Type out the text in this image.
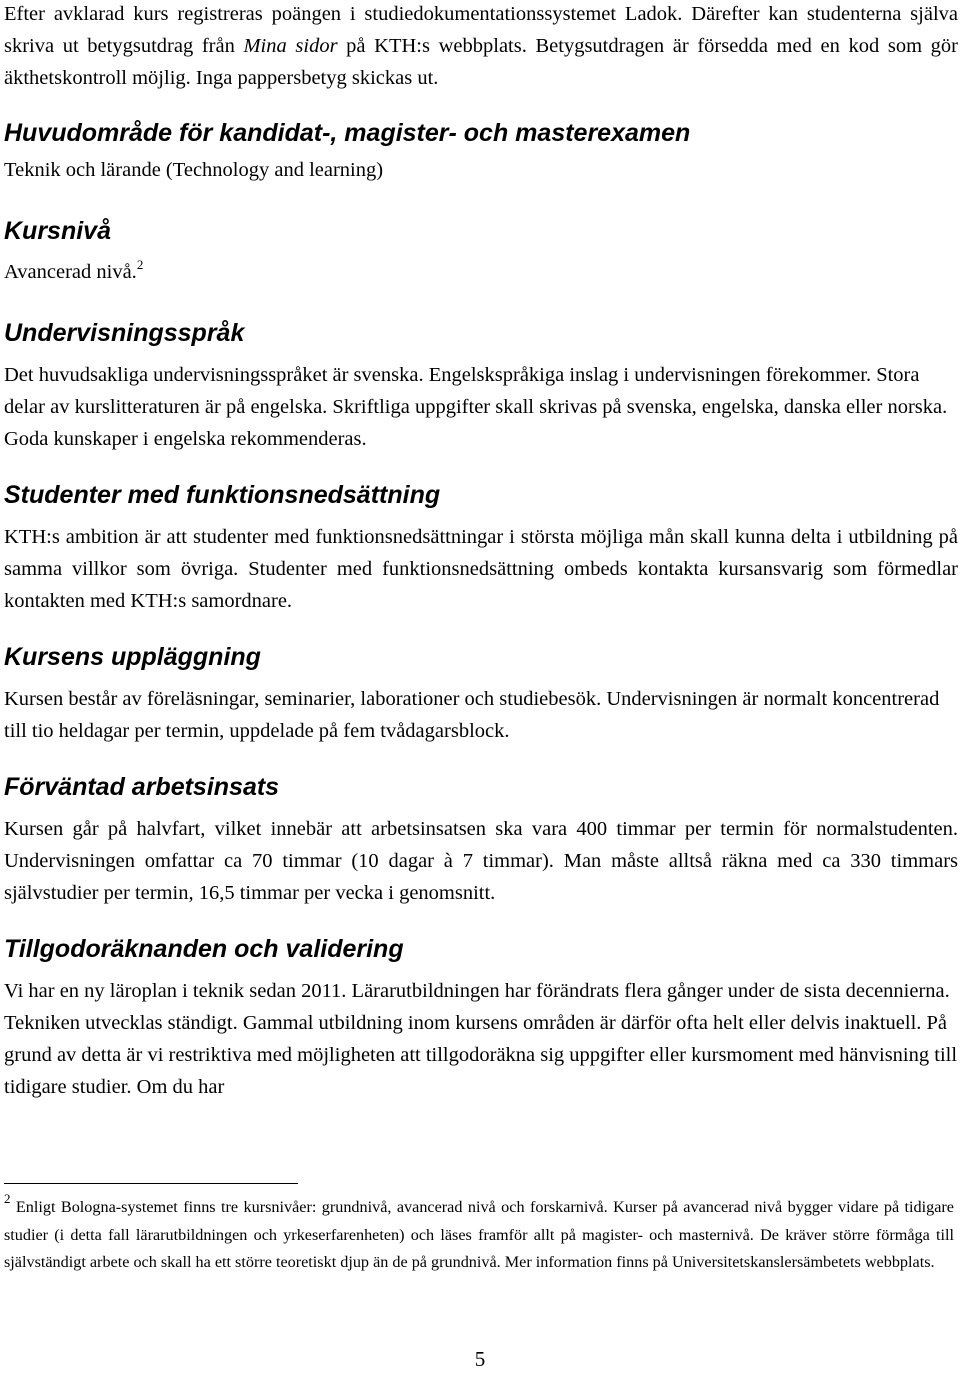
Efter avklarad kurs registreras poängen i studiedokumentationssystemet Ladok. Därefter kan studenterna själva skriva ut betygsutdrag från Mina sidor på KTH:s webbplats. Betygsutdragen är försedda med en kod som gör äkthetskontroll möjlig. Inga pappersbetyg skickas ut.

Huvudområde för kandidat-, magister- och masterexamen

Teknik och lärande (Technology and learning)

Kursnivå

Avancerad nivå.$^2$

Undervisningsspråk

Det huvudsakliga undervisningsspråket är svenska. Engelskspråkiga inslag i undervisningen förekommer. Stora delar av kurslitteraturen är på engelska. Skriftliga uppgifter skall skrivas på svenska, engelska, danska eller norska. Goda kunskaper i engelska rekommenderas.

Studenter med funktionsnedsättning

KTH:s ambition är att studenter med funktionsnedsättningar i största möjliga mån skall kunna delta i utbildning på samma villkor som övriga. Studenter med funktionsnedsättning ombeds kontakta kursansvarig som förmedlar kontakten med KTH:s samordnare.

Kursens uppläggning

Kursen består av föreläsningar, seminarier, laborationer och studiebesök. Undervisningen är normalt koncentrerad till tio heldagar per termin, uppdelade på fem tvådagarsblock.

Förväntad arbetsinsats

Kursen går på halvfart, vilket innebär att arbetsinsatsen ska vara 400 timmar per termin för normalstudenten. Undervisningen omfattar ca 70 timmar (10 dagar à 7 timmar). Man måste alltså räkna med ca 330 timmars självstudier per termin, 16,5 timmar per vecka i genomsnitt.

Tillgodoräknanden och validering

Vi har en ny läroplan i teknik sedan 2011. Lärarutbildningen har förändrats flera gånger under de sista decennierna. Tekniken utvecklas ständigt. Gammal utbildning inom kursens områden är därför ofta helt eller delvis inaktuell. På grund av detta är vi restriktiva med möjligheten att tillgodoräkna sig uppgifter eller kursmoment med hänvisning till tidigare studier. Om du har

$^2$ Enligt Bologna-systemet finns tre kursnivåer: grundnivå, avancerad nivå och forskarnivå. Kurser på avancerad nivå bygger vidare på tidigare studier (i detta fall lärarutbildningen och yrkeserfarenheten) och läses framför allt på magister- och masternivå. De kräver större förmåga till självständigt arbete och skall ha ett större teoretiskt djup än de på grundnivå. Mer information finns på Universitetskanslersämbetets webbplats.

5
